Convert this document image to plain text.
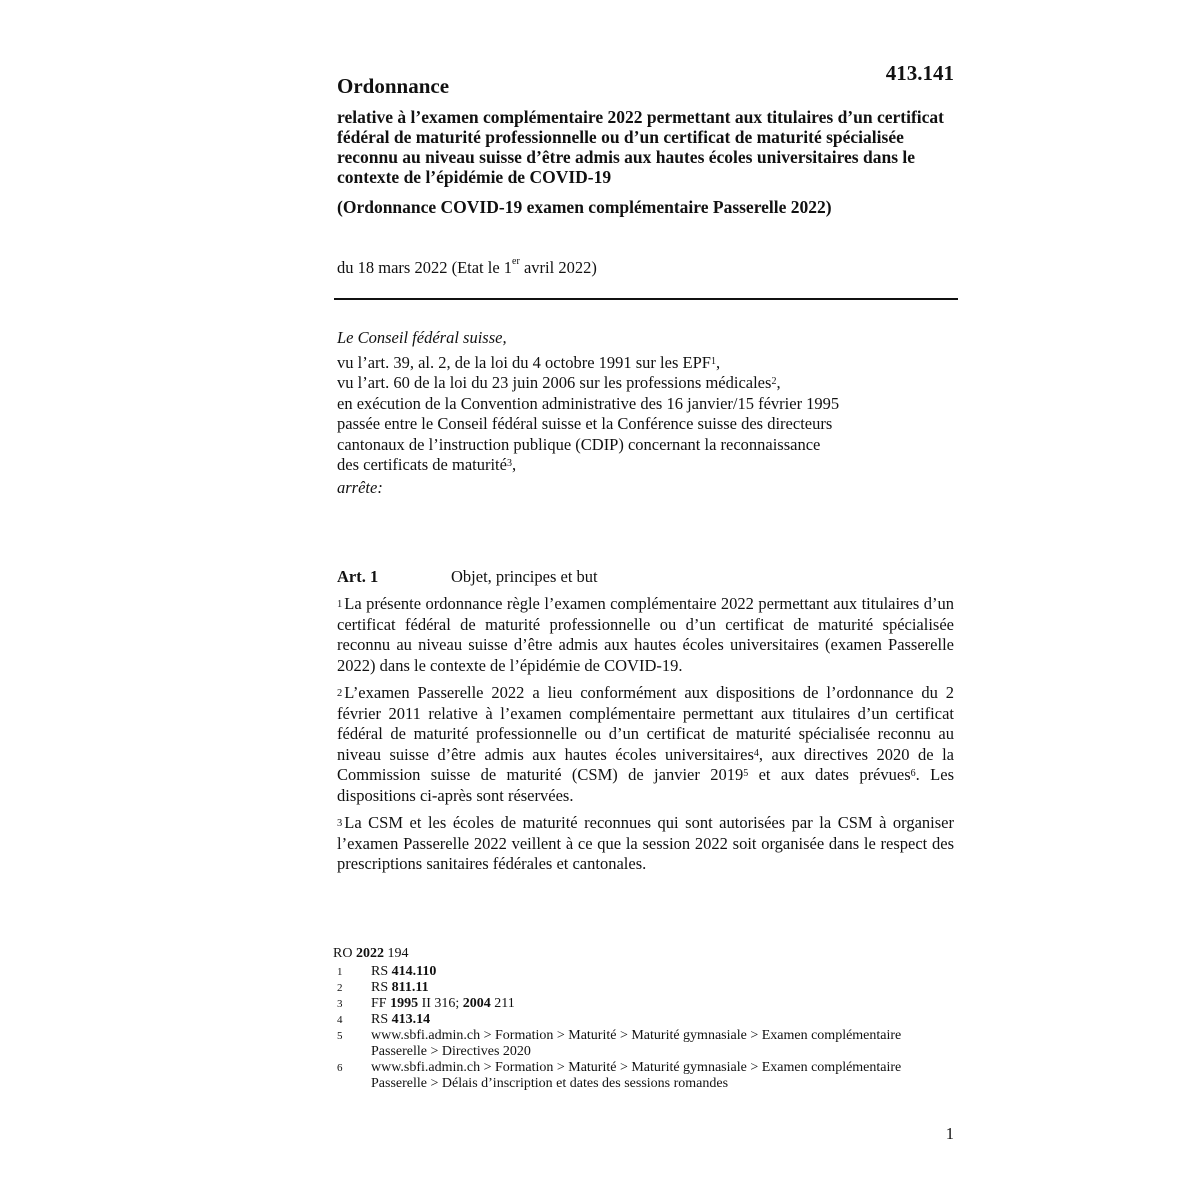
413.141
Ordonnance
relative à l’examen complémentaire 2022 permettant aux titulaires d’un certificat fédéral de maturité professionnelle ou d’un certificat de maturité spécialisée reconnu au niveau suisse d’être admis aux hautes écoles universitaires dans le contexte de l’épidémie de COVID-19
(Ordonnance COVID-19 examen complémentaire Passerelle 2022)
du 18 mars 2022 (Etat le 1er avril 2022)
Le Conseil fédéral suisse,
vu l’art. 39, al. 2, de la loi du 4 octobre 1991 sur les EPF$^1$,
vu l’art. 60 de la loi du 23 juin 2006 sur les professions médicales$^2$,
en exécution de la Convention administrative des 16 janvier/15 février 1995
passée entre le Conseil fédéral suisse et la Conférence suisse des directeurs
cantonaux de l’instruction publique (CDIP) concernant la reconnaissance
des certificats de maturité$^3$,
arrête:
Art. 1	Objet, principes et but

$^1$ La présente ordonnance règle l’examen complémentaire 2022 permettant aux titulaires d’un certificat fédéral de maturité professionnelle ou d’un certificat de maturité spécialisée reconnu au niveau suisse d’être admis aux hautes écoles universitaires (examen Passerelle 2022) dans le contexte de l’épidémie de COVID-19.

$^2$ L’examen Passerelle 2022 a lieu conformément aux dispositions de l’ordonnance du 2 février 2011 relative à l’examen complémentaire permettant aux titulaires d’un certificat fédéral de maturité professionnelle ou d’un certificat de maturité spécialisée reconnu au niveau suisse d’être admis aux hautes écoles universitaires$^4$, aux directives 2020 de la Commission suisse de maturité (CSM) de janvier 2019$^5$ et aux dates prévues$^6$. Les dispositions ci-après sont réservées.

$^3$ La CSM et les écoles de maturité reconnues qui sont autorisées par la CSM à organiser l’examen Passerelle 2022 veillent à ce que la session 2022 soit organisée dans le respect des prescriptions sanitaires fédérales et cantonales.

RO 2022 194
1	RS 414.110
2	RS 811.11
3	FF 1995 II 316; 2004 211
4	RS 413.14
5	www.sbfi.admin.ch > Formation > Maturité > Maturité gymnasiale > Examen complémentaire Passerelle > Directives 2020
6	www.sbfi.admin.ch > Formation > Maturité > Maturité gymnasiale > Examen complémentaire Passerelle > Délais d’inscription et dates des sessions romandes
1
